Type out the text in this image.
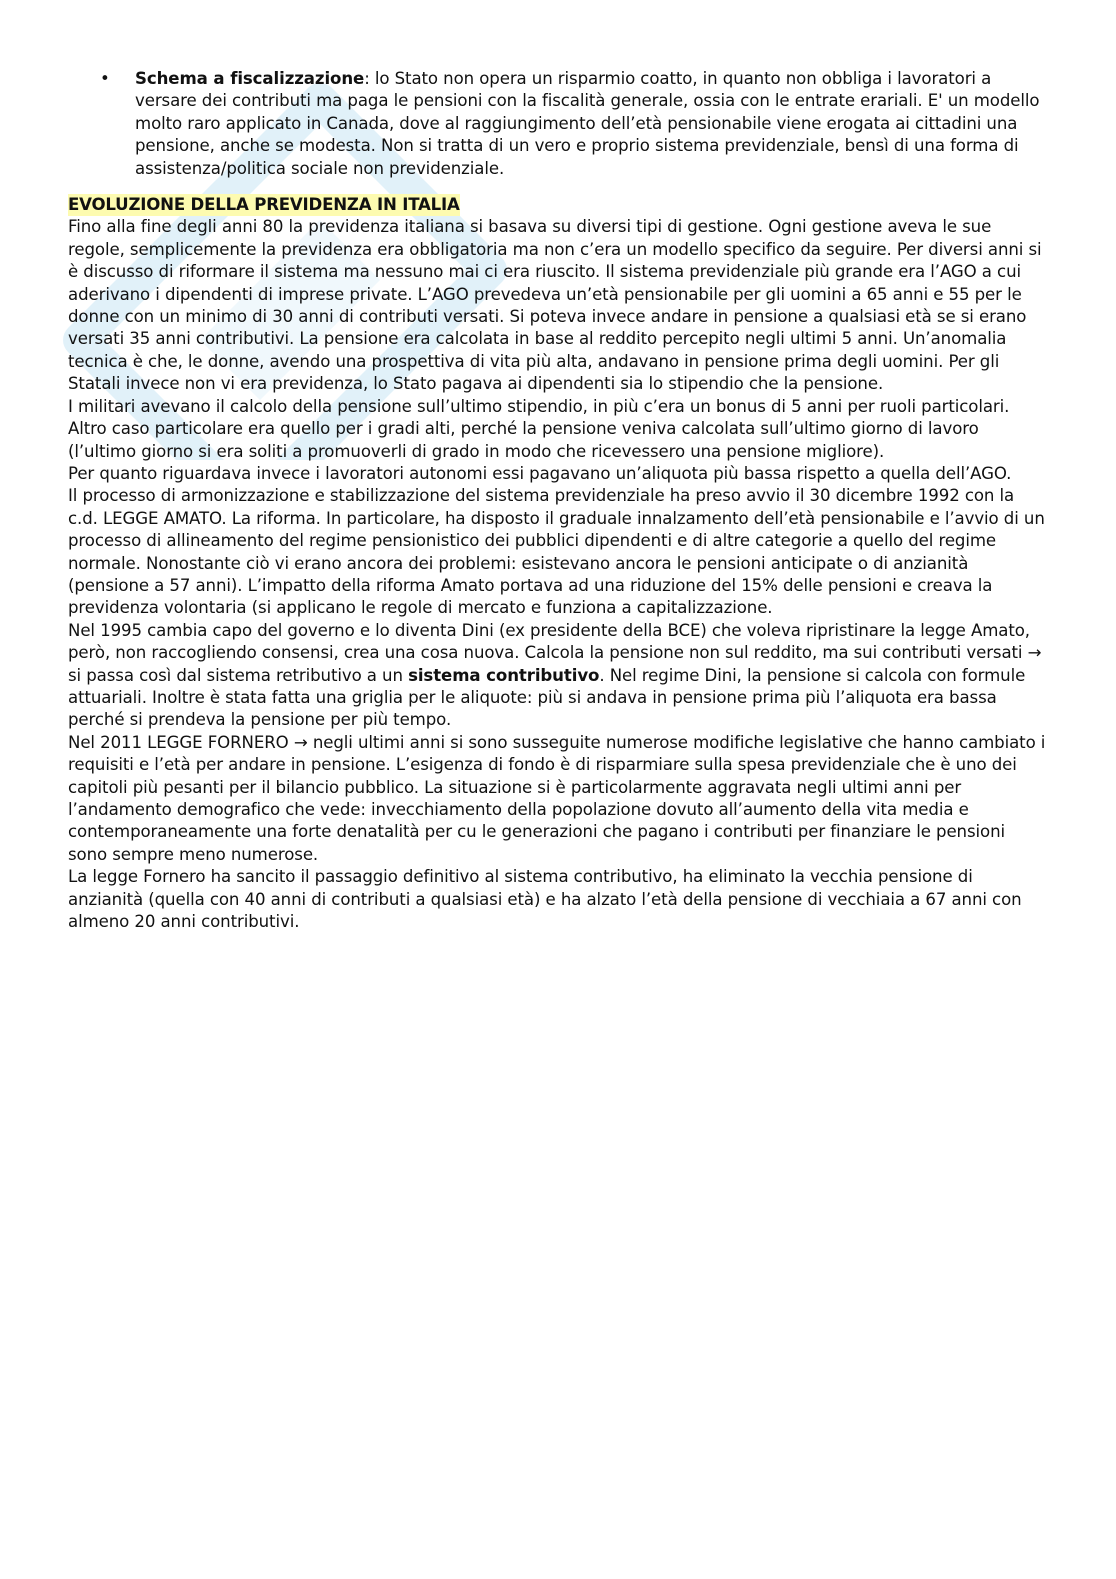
• Schema a fiscalizzazione: lo Stato non opera un risparmio coatto, in quanto non obbliga i lavoratori a versare dei contributi ma paga le pensioni con la fiscalità generale, ossia con le entrate erariali. E' un modello molto raro applicato in Canada, dove al raggiungimento dell’età pensionabile viene erogata ai cittadini una pensione, anche se modesta. Non si tratta di un vero e proprio sistema previdenziale, bensì di una forma di assistenza/politica sociale non previdenziale.
EVOLUZIONE DELLA PREVIDENZA IN ITALIA

Fino alla fine degli anni 80 la previdenza italiana si basava su diversi tipi di gestione. Ogni gestione aveva le sue regole, semplicemente la previdenza era obbligatoria ma non c’era un modello specifico da seguire. Per diversi anni si è discusso di riformare il sistema ma nessuno mai ci era riuscito. Il sistema previdenziale più grande era l’AGO a cui aderivano i dipendenti di imprese private. L’AGO prevedeva un’età pensionabile per gli uomini a 65 anni e 55 per le donne con un minimo di 30 anni di contributi versati. Si poteva invece andare in pensione a qualsiasi età se si erano versati 35 anni contributivi. La pensione era calcolata in base al reddito percepito negli ultimi 5 anni. Un’anomalia tecnica è che, le donne, avendo una prospettiva di vita più alta, andavano in pensione prima degli uomini. Per gli Statali invece non vi era previdenza, lo Stato pagava ai dipendenti sia lo stipendio che la pensione.

I militari avevano il calcolo della pensione sull’ultimo stipendio, in più c’era un bonus di 5 anni per ruoli particolari. Altro caso particolare era quello per i gradi alti, perché la pensione veniva calcolata sull’ultimo giorno di lavoro (l’ultimo giorno si era soliti a promuoverli di grado in modo che ricevessero una pensione migliore).

Per quanto riguardava invece i lavoratori autonomi essi pagavano un’aliquota più bassa rispetto a quella dell’AGO.

Il processo di armonizzazione e stabilizzazione del sistema previdenziale ha preso avvio il 30 dicembre 1992 con la c.d. LEGGE AMATO. La riforma. In particolare, ha disposto il graduale innalzamento dell’età pensionabile e l’avvio di un processo di allineamento del regime pensionistico dei pubblici dipendenti e di altre categorie a quello del regime normale. Nonostante ciò vi erano ancora dei problemi: esistevano ancora le pensioni anticipate o di anzianità (pensione a 57 anni). L’impatto della riforma Amato portava ad una riduzione del 15% delle pensioni e creava la previdenza volontaria (si applicano le regole di mercato e funziona a capitalizzazione.

Nel 1995 cambia capo del governo e lo diventa Dini (ex presidente della BCE) che voleva ripristinare la legge Amato, però, non raccogliendo consensi, crea una cosa nuova. Calcola la pensione non sul reddito, ma sui contributi versati → si passa così dal sistema retributivo a un sistema contributivo. Nel regime Dini, la pensione si calcola con formule attuariali. Inoltre è stata fatta una griglia per le aliquote: più si andava in pensione prima più l’aliquota era bassa perché si prendeva la pensione per più tempo.

Nel 2011 LEGGE FORNERO → negli ultimi anni si sono susseguite numerose modifiche legislative che hanno cambiato i requisiti e l’età per andare in pensione. L’esigenza di fondo è di risparmiare sulla spesa previdenziale che è uno dei capitoli più pesanti per il bilancio pubblico. La situazione si è particolarmente aggravata negli ultimi anni per l’andamento demografico che vede: invecchiamento della popolazione dovuto all’aumento della vita media e contemporaneamente una forte denatalità per cu le generazioni che pagano i contributi per finanziare le pensioni sono sempre meno numerose.

La legge Fornero ha sancito il passaggio definitivo al sistema contributivo, ha eliminato la vecchia pensione di anzianità (quella con 40 anni di contributi a qualsiasi età) e ha alzato l’età della pensione di vecchiaia a 67 anni con almeno 20 anni contributivi.
